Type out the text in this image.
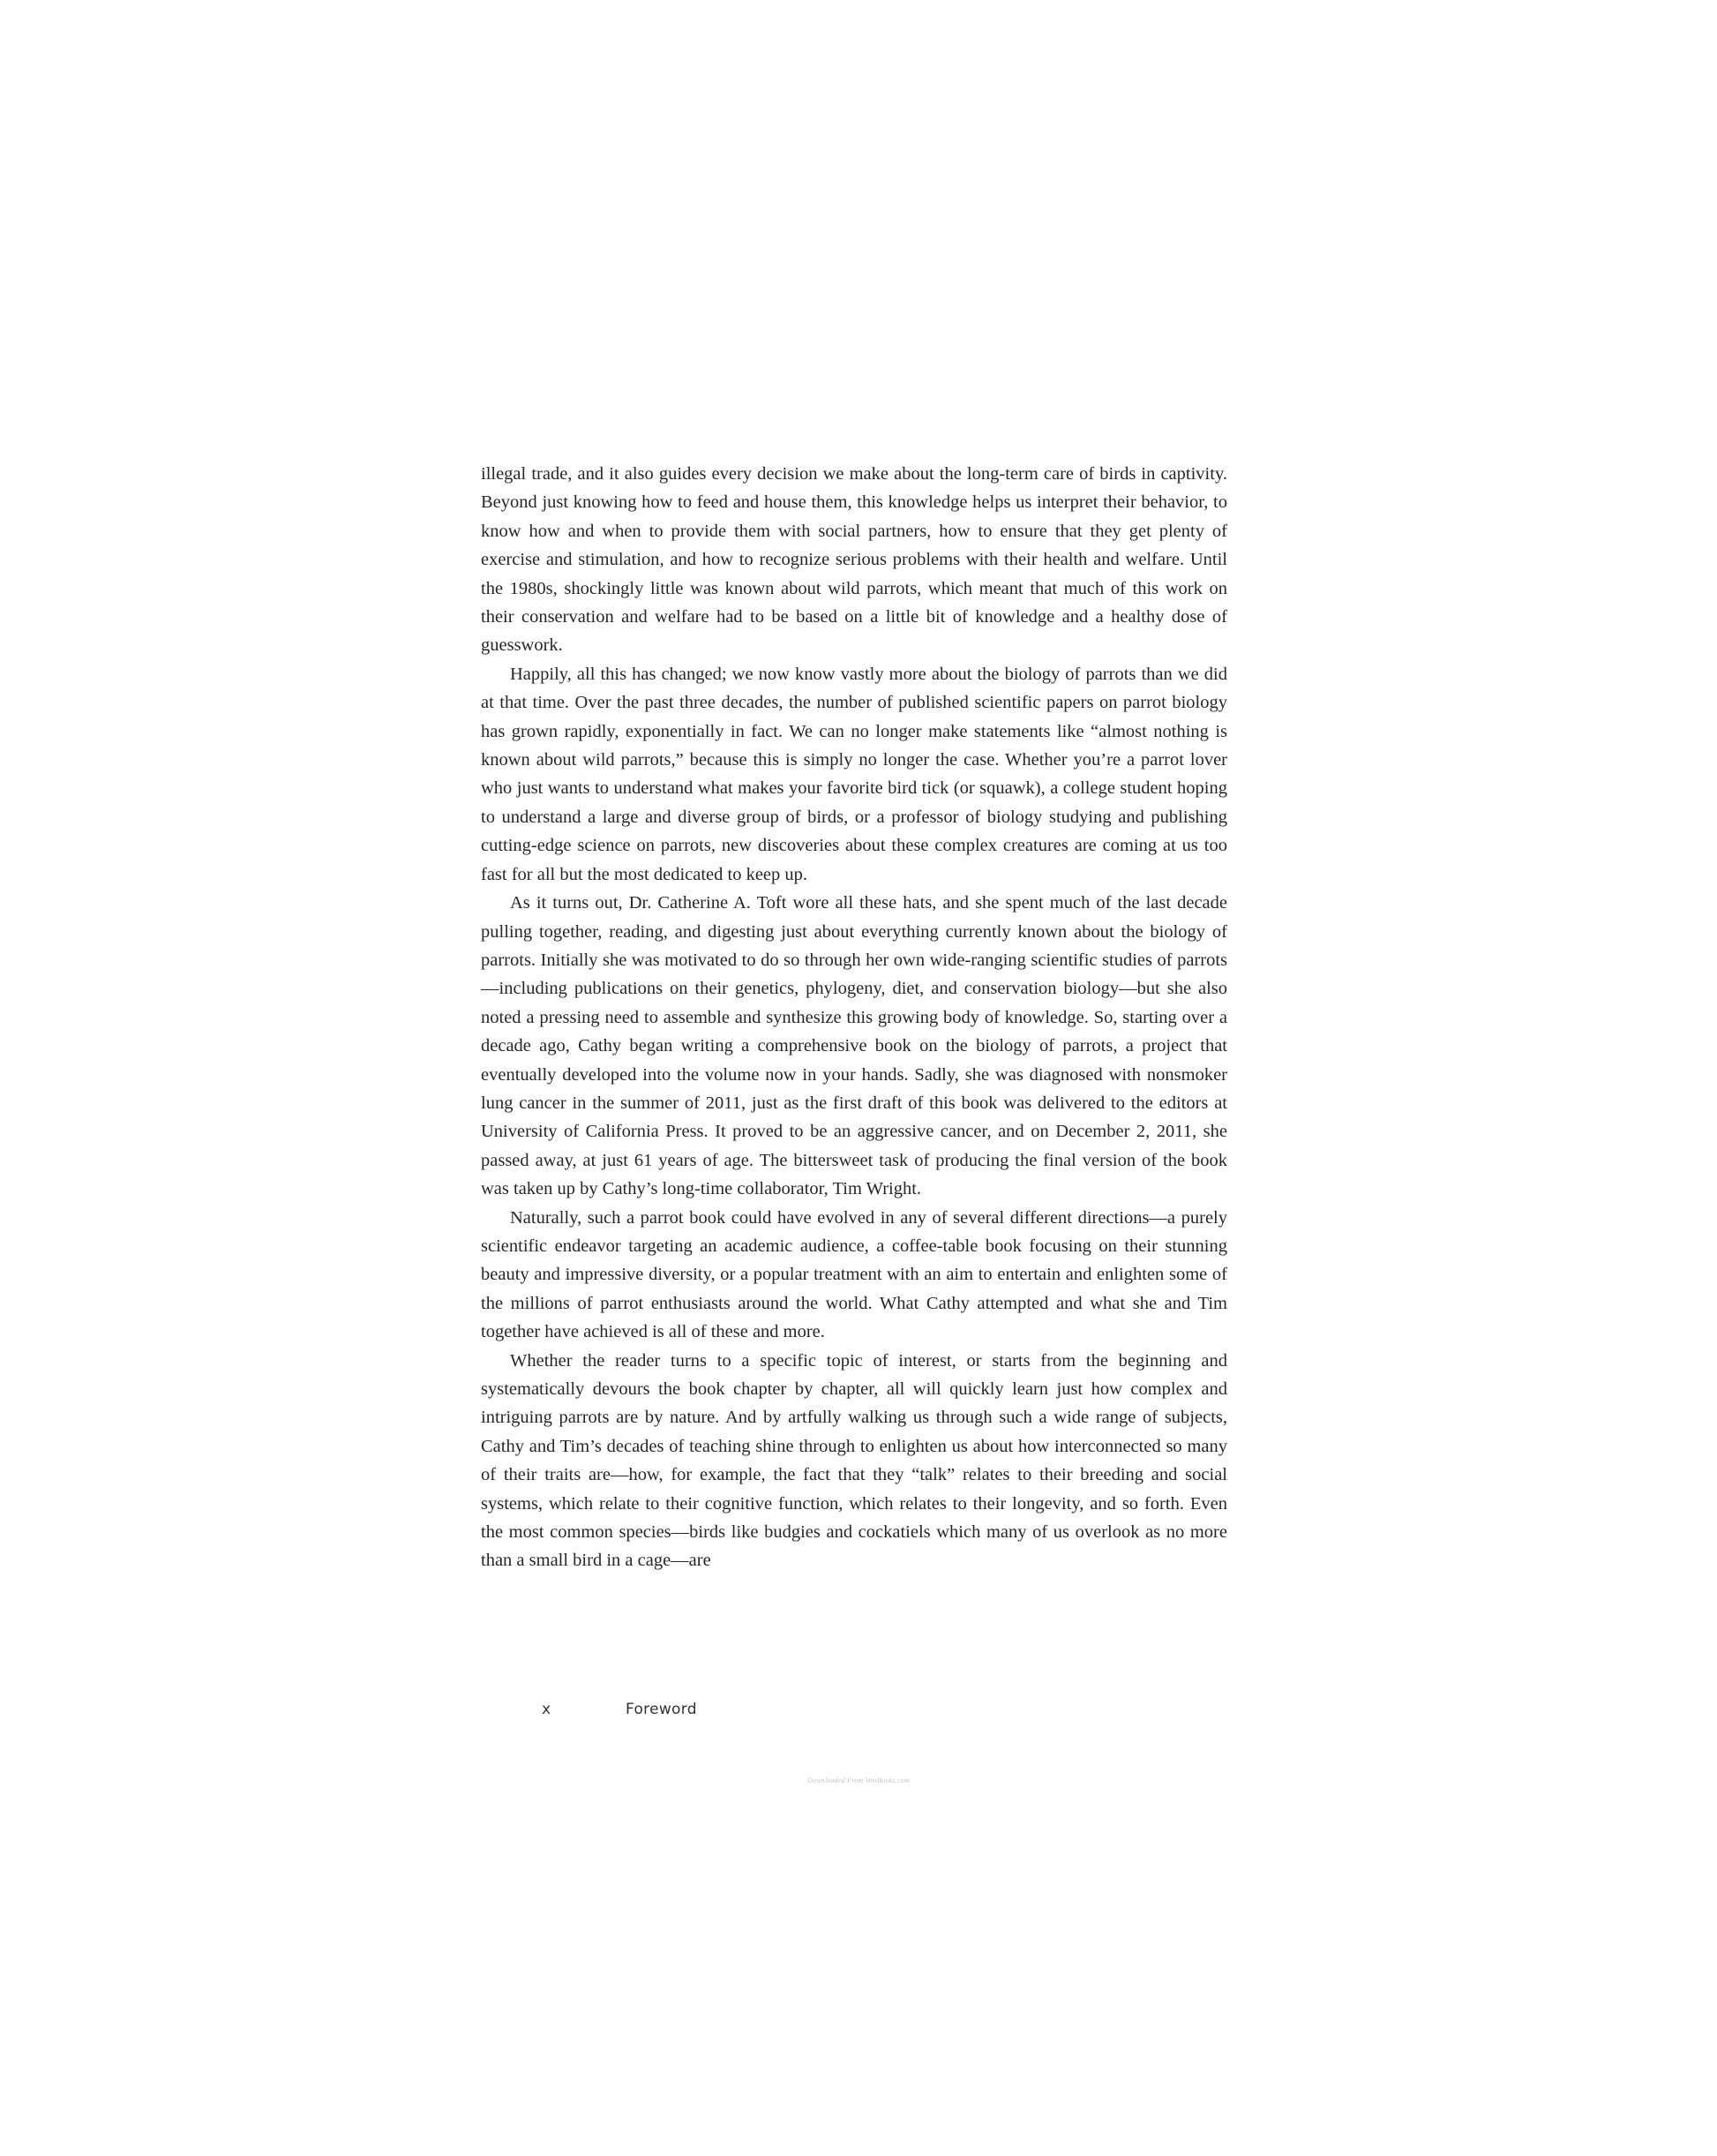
illegal trade, and it also guides every decision we make about the long-term care of birds in captivity. Beyond just knowing how to feed and house them, this knowledge helps us interpret their behavior, to know how and when to provide them with social partners, how to ensure that they get plenty of exercise and stimulation, and how to recognize serious problems with their health and welfare. Until the 1980s, shockingly little was known about wild parrots, which meant that much of this work on their conservation and welfare had to be based on a little bit of knowledge and a healthy dose of guesswork.

Happily, all this has changed; we now know vastly more about the biology of parrots than we did at that time. Over the past three decades, the number of published scientific papers on parrot biology has grown rapidly, exponentially in fact. We can no longer make statements like “almost nothing is known about wild parrots,” because this is simply no longer the case. Whether you’re a parrot lover who just wants to understand what makes your favorite bird tick (or squawk), a college student hoping to understand a large and diverse group of birds, or a professor of biology studying and publishing cutting-edge science on parrots, new discoveries about these complex creatures are coming at us too fast for all but the most dedicated to keep up.

As it turns out, Dr. Catherine A. Toft wore all these hats, and she spent much of the last decade pulling together, reading, and digesting just about everything currently known about the biology of parrots. Initially she was motivated to do so through her own wide-ranging scientific studies of parrots—including publications on their genetics, phylogeny, diet, and conservation biology—but she also noted a pressing need to assemble and synthesize this growing body of knowledge. So, starting over a decade ago, Cathy began writing a comprehensive book on the biology of parrots, a project that eventually developed into the volume now in your hands. Sadly, she was diagnosed with nonsmoker lung cancer in the summer of 2011, just as the first draft of this book was delivered to the editors at University of California Press. It proved to be an aggressive cancer, and on December 2, 2011, she passed away, at just 61 years of age. The bittersweet task of producing the final version of the book was taken up by Cathy’s long-time collaborator, Tim Wright.

Naturally, such a parrot book could have evolved in any of several different directions—a purely scientific endeavor targeting an academic audience, a coffee-table book focusing on their stunning beauty and impressive diversity, or a popular treatment with an aim to entertain and enlighten some of the millions of parrot enthusiasts around the world. What Cathy attempted and what she and Tim together have achieved is all of these and more.

Whether the reader turns to a specific topic of interest, or starts from the beginning and systematically devours the book chapter by chapter, all will quickly learn just how complex and intriguing parrots are by nature. And by artfully walking us through such a wide range of subjects, Cathy and Tim’s decades of teaching shine through to enlighten us about how interconnected so many of their traits are—how, for example, the fact that they “talk” relates to their breeding and social systems, which relate to their cognitive function, which relates to their longevity, and so forth. Even the most common species—birds like budgies and cockatiels which many of us overlook as no more than a small bird in a cage—are

x	Foreword
Downloaded From VetsBooks.com
